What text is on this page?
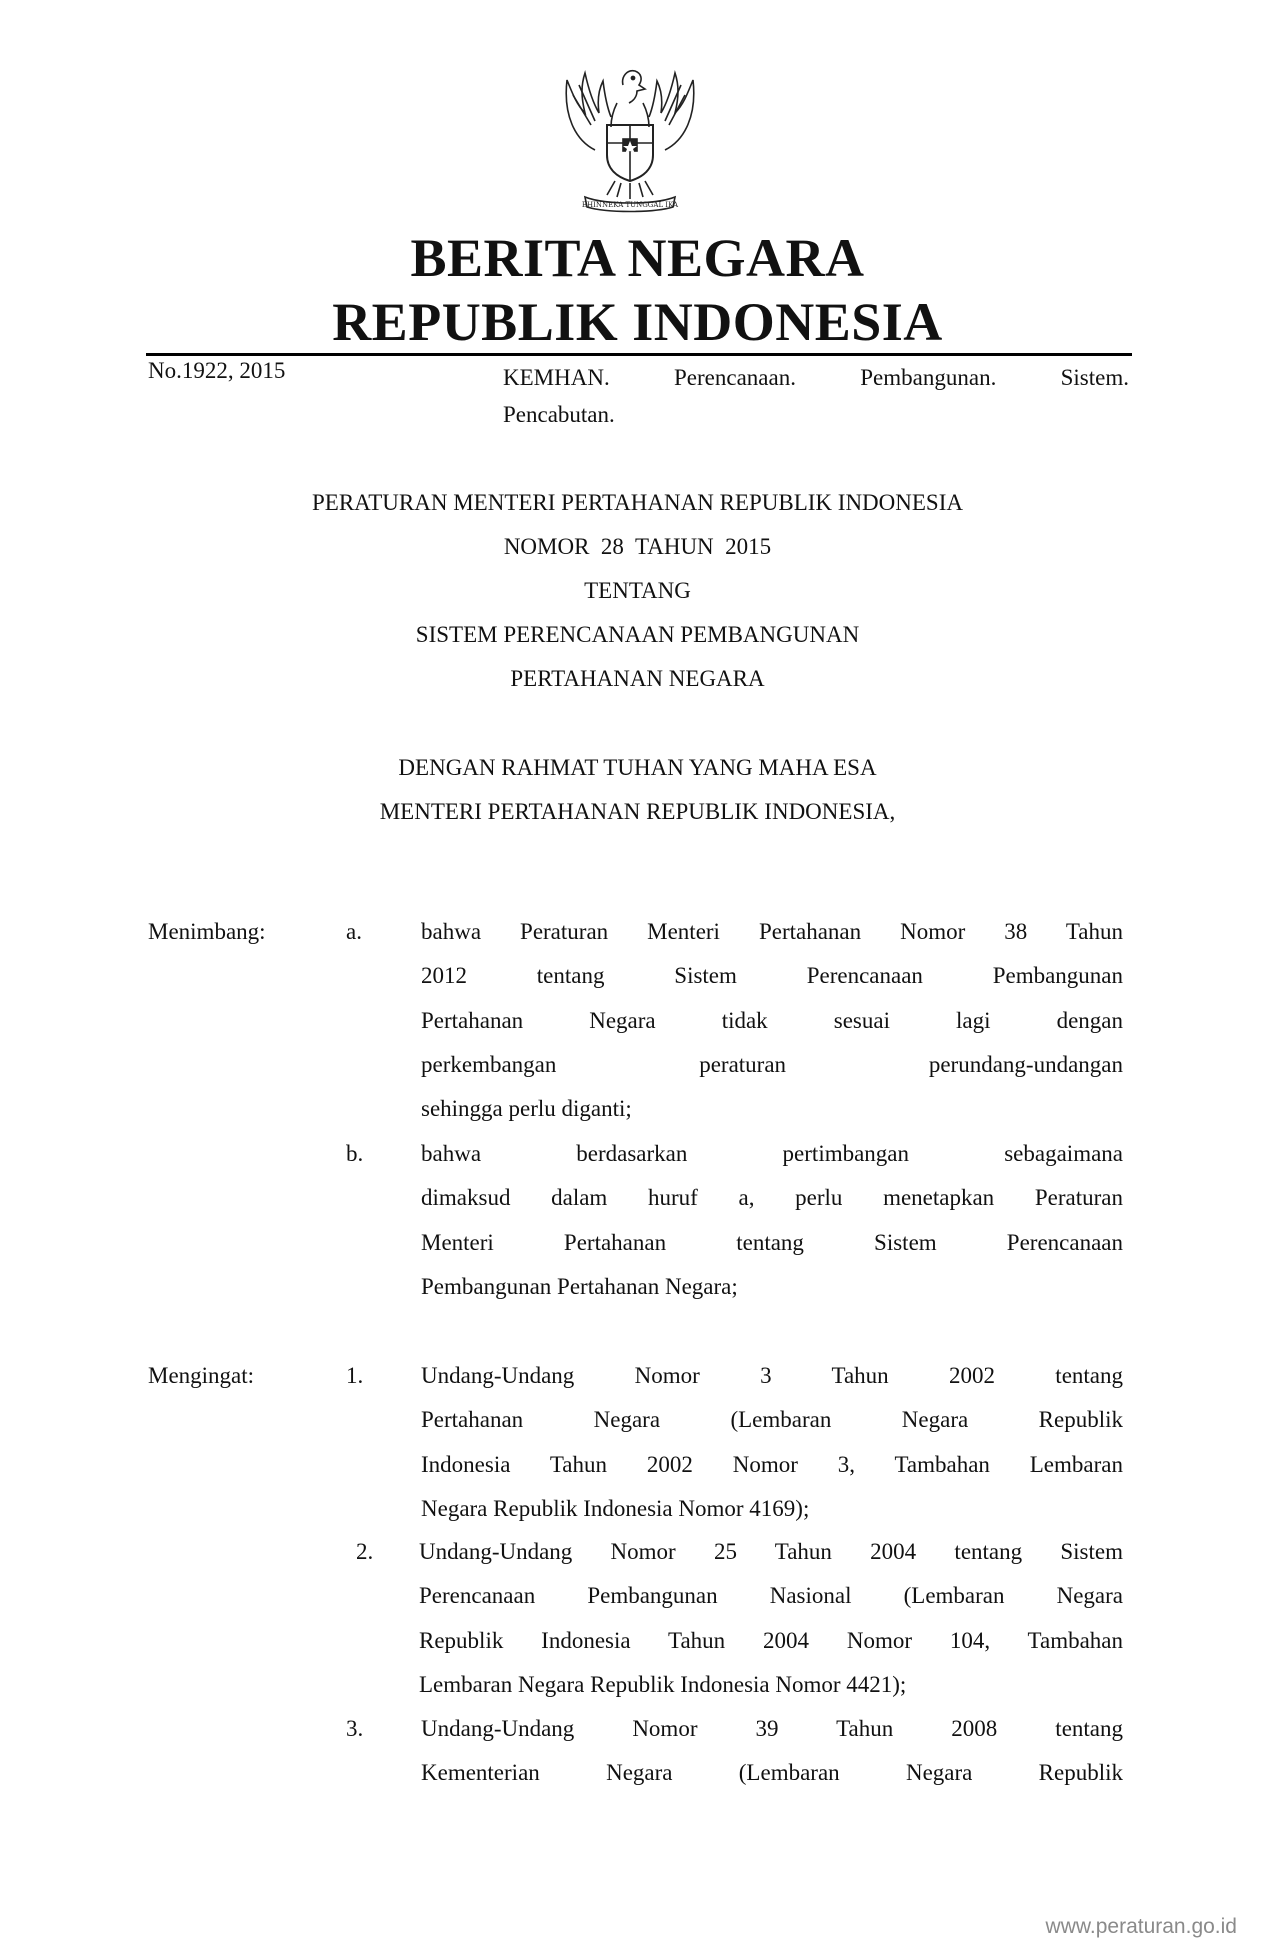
BHINNEKA TUNGGAL IKA
BERITA NEGARA
REPUBLIK INDONESIA
No.1922, 2015	KEMHAN. Perencanaan. Pembangunan. Sistem.
Pencabutan.
PERATURAN MENTERI PERTAHANAN REPUBLIK INDONESIA
NOMOR  28  TAHUN  2015
TENTANG
SISTEM PERENCANAAN PEMBANGUNAN
PERTAHANAN NEGARA
DENGAN RAHMAT TUHAN YANG MAHA ESA
MENTERI PERTAHANAN REPUBLIK INDONESIA,
Menimbang:	a.	bahwa Peraturan Menteri Pertahanan Nomor 38 Tahun
2012 tentang Sistem Perencanaan Pembangunan
Pertahanan Negara tidak sesuai lagi dengan
perkembangan peraturan perundang-undangan
sehingga perlu diganti;
b.	bahwa berdasarkan pertimbangan sebagaimana
dimaksud dalam huruf a, perlu menetapkan Peraturan
Menteri Pertahanan tentang Sistem Perencanaan
Pembangunan Pertahanan Negara;
Mengingat:	1.	Undang-Undang Nomor 3 Tahun 2002 tentang
Pertahanan Negara (Lembaran Negara Republik
Indonesia Tahun 2002 Nomor 3, Tambahan Lembaran
Negara Republik Indonesia Nomor 4169);
2. Undang-Undang Nomor 25 Tahun 2004 tentang Sistem
Perencanaan Pembangunan Nasional (Lembaran Negara
Republik Indonesia Tahun 2004 Nomor 104, Tambahan
Lembaran Negara Republik Indonesia Nomor 4421);
3.	Undang-Undang Nomor 39 Tahun 2008 tentang
Kementerian Negara (Lembaran Negara Republik
www.peraturan.go.id
